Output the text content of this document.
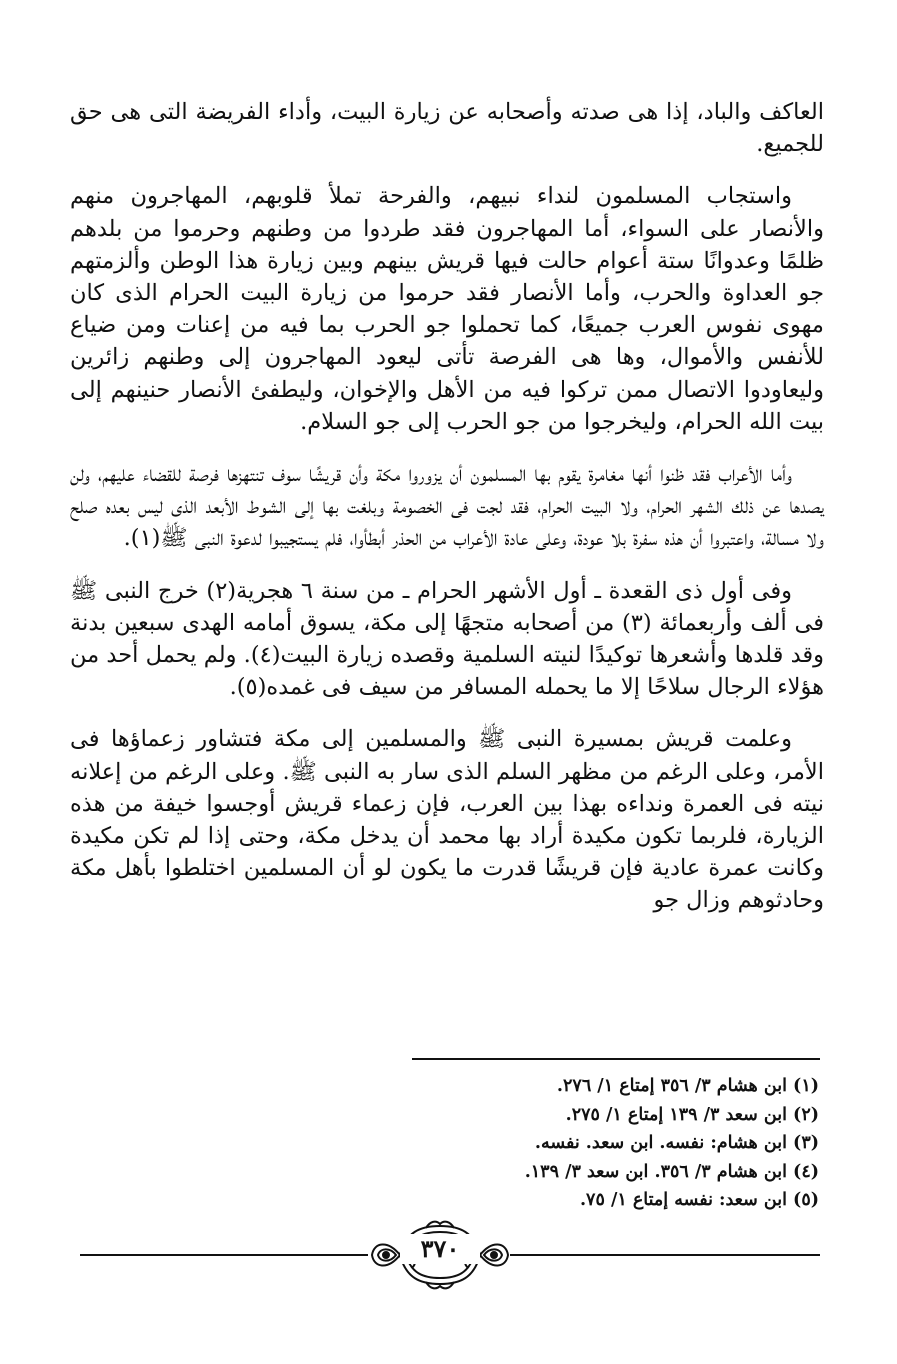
العاكف والباد، إذا هى صدته وأصحابه عن زيارة البيت، وأداء الفريضة التى هى حق للجميع.

واستجاب المسلمون لنداء نبيهم، والفرحة تملأ قلوبهم، المهاجرون منهم والأنصار على السواء، أما المهاجرون فقد طردوا من وطنهم وحرموا من بلدهم ظلمًا وعدوانًا ستة أعوام حالت فيها قريش بينهم وبين زيارة هذا الوطن وألزمتهم جو العداوة والحرب، وأما الأنصار فقد حرموا من زيارة البيت الحرام الذى كان مهوى نفوس العرب جميعًا، كما تحملوا جو الحرب بما فيه من إعنات ومن ضياع للأنفس والأموال، وها هى الفرصة تأتى ليعود المهاجرون إلى وطنهم زائرين وليعاودوا الاتصال ممن تركوا فيه من الأهل والإخوان، وليطفئ الأنصار حنينهم إلى بيت الله الحرام، وليخرجوا من جو الحرب إلى جو السلام.

وأما الأعراب فقد ظنوا أنها مغامرة يقوم بها المسلمون أن يزوروا مكة وأن قريشًا سوف تنتهزها فرصة للقضاء عليهم، ولن يصدها عن ذلك الشهر الحرام، ولا البيت الحرام، فقد لجت فى الخصومة وبلغت بها إلى الشوط الأبعد الذى ليس بعده صلح ولا مسالة، واعتبروا أن هذه سفرة بلا عودة، وعلى عادة الأعراب من الحذر أبطأوا، فلم يستجيبوا لدعوة النبى ﷺ(١).

وفى أول ذى القعدة ـ أول الأشهر الحرام ـ من سنة ٦ هجرية(٢) خرج النبى ﷺ فى ألف وأربعمائة (٣) من أصحابه متجهًا إلى مكة، يسوق أمامه الهدى سبعين بدنة وقد قلدها وأشعرها توكيدًا لنيته السلمية وقصده زيارة البيت(٤). ولم يحمل أحد من هؤلاء الرجال سلاحًا إلا ما يحمله المسافر من سيف فى غمده(٥).

وعلمت قريش بمسيرة النبى ﷺ والمسلمين إلى مكة فتشاور زعماؤها فى الأمر، وعلى الرغم من مظهر السلم الذى سار به النبى ﷺ. وعلى الرغم من إعلانه نيته فى العمرة ونداءه بهذا بين العرب، فإن زعماء قريش أوجسوا خيفة من هذه الزيارة، فلربما تكون مكيدة أراد بها محمد أن يدخل مكة، وحتى إذا لم تكن مكيدة وكانت عمرة عادية فإن قريشًا قدرت ما يكون لو أن المسلمين اختلطوا بأهل مكة وحادثوهم وزال جو

(١) ابن هشام ٣/ ٣٥٦ إمتاع ١/ ٢٧٦.

(٢) ابن سعد ٣/ ١٣٩ إمتاع ١/ ٢٧٥.

(٣) ابن هشام: نفسه. ابن سعد. نفسه.

(٤) ابن هشام ٣/ ٣٥٦. ابن سعد ٣/ ١٣٩.

(٥) ابن سعد: نفسه إمتاع ١/ ٧٥.

٣٧٠
